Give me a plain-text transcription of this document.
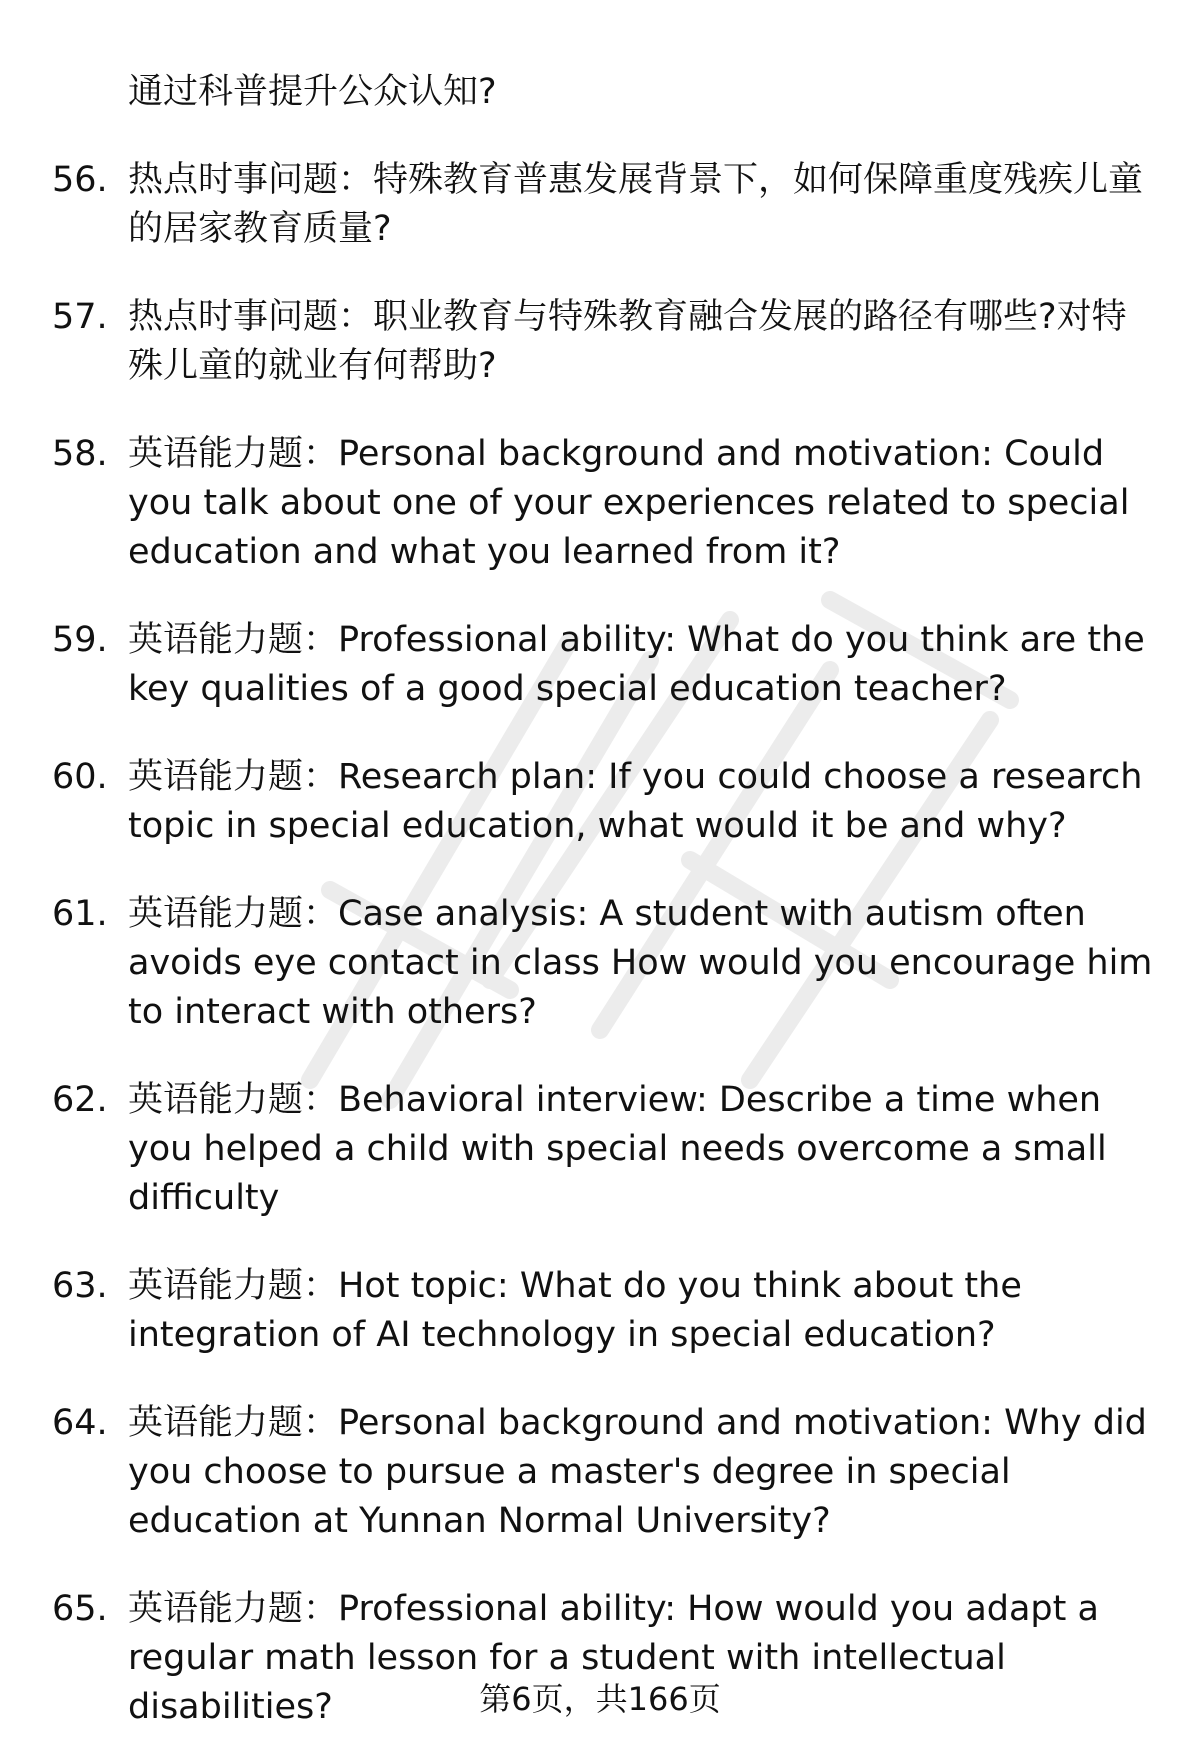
通过科普提升公众认知?
56. 热点时事问题：特殊教育普惠发展背景下，如何保障重度残疾儿童的居家教育质量?
57. 热点时事问题：职业教育与特殊教育融合发展的路径有哪些?对特殊儿童的就业有何帮助?
58. 英语能力题：Personal background and motivation: Could you talk about one of your experiences related to special education and what you learned from it?
59. 英语能力题：Professional ability: What do you think are the key qualities of a good special education teacher?
60. 英语能力题：Research plan: If you could choose a research topic in special education, what would it be and why?
61. 英语能力题：Case analysis: A student with autism often avoids eye contact in class How would you encourage him to interact with others?
62. 英语能力题：Behavioral interview: Describe a time when you helped a child with special needs overcome a small difficulty
63. 英语能力题：Hot topic: What do you think about the integration of AI technology in special education?
64. 英语能力题：Personal background and motivation: Why did you choose to pursue a master's degree in special education at Yunnan Normal University?
65. 英语能力题：Professional ability: How would you adapt a regular math lesson for a student with intellectual disabilities?	第6页，共166页
